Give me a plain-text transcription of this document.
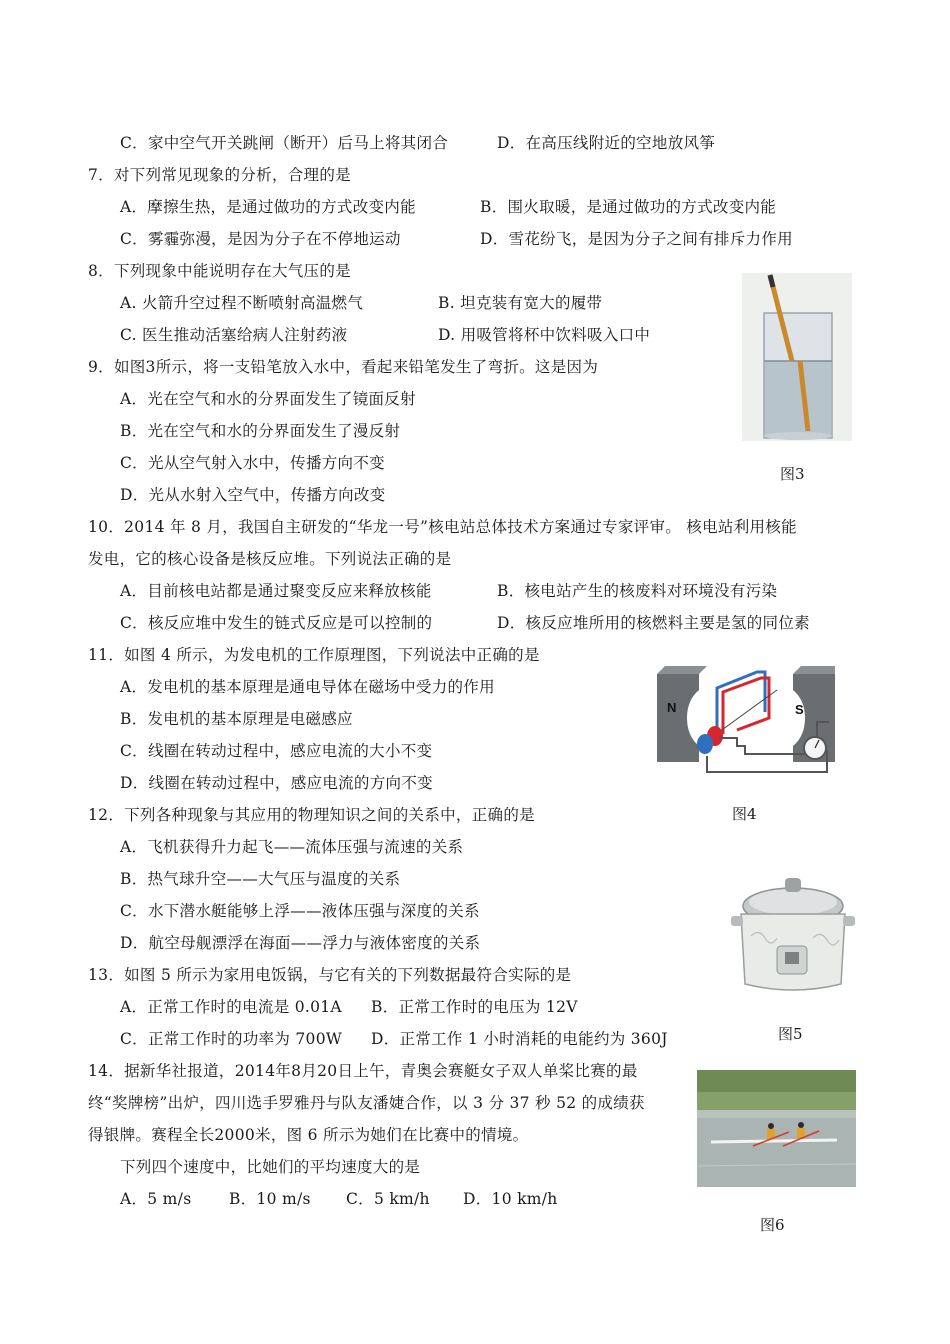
C．家中空气开关跳闸（断开）后马上将其闭合	D．在高压线附近的空地放风筝
7．对下列常见现象的分析，合理的是
A．摩擦生热，是通过做功的方式改变内能	B．围火取暖，是通过做功的方式改变内能
C．雾霾弥漫，是因为分子在不停地运动	D．雪花纷飞，是因为分子之间有排斥力作用
8．下列现象中能说明存在大气压的是
A. 火箭升空过程不断喷射高温燃气	B. 坦克装有宽大的履带
C. 医生推动活塞给病人注射药液	D. 用吸管将杯中饮料吸入口中
图3
9．如图3所示，将一支铅笔放入水中，看起来铅笔发生了弯折。这是因为
A．光在空气和水的分界面发生了镜面反射
B．光在空气和水的分界面发生了漫反射
C．光从空气射入水中，传播方向不变
D．光从水射入空气中，传播方向改变
10．2014 年 8 月，我国自主研发的“华龙一号”核电站总体技术方案通过专家评审。 核电站利用核能
发电，它的核心设备是核反应堆。下列说法正确的是
A．目前核电站都是通过聚变反应来释放核能	B．核电站产生的核废料对环境没有污染
C．核反应堆中发生的链式反应是可以控制的	D．核反应堆所用的核燃料主要是氢的同位素
11．如图 4 所示，为发电机的工作原理图，下列说法中正确的是
A．发电机的基本原理是通电导体在磁场中受力的作用
B．发电机的基本原理是电磁感应
C．线圈在转动过程中，感应电流的大小不变
D．线圈在转动过程中，感应电流的方向不变
N	S
图4
12．下列各种现象与其应用的物理知识之间的关系中，正确的是
A．飞机获得升力起飞——流体压强与流速的关系
B．热气球升空——大气压与温度的关系
C．水下潜水艇能够上浮——液体压强与深度的关系
D．航空母舰漂浮在海面——浮力与液体密度的关系
图5
13．如图 5 所示为家用电饭锅，与它有关的下列数据最符合实际的是
A．正常工作时的电流是 0.01A B．正常工作时的电压为 12V
C．正常工作时的功率为 700W D．正常工作 1 小时消耗的电能约为 360J
14．据新华社报道，2014年8月20日上午，青奥会赛艇女子双人单桨比赛的最
终“奖牌榜”出炉，四川选手罗雅丹与队友潘婕合作，以 3 分 37 秒 52 的成绩获
得银牌。赛程全长2000米，图 6 所示为她们在比赛中的情境。
下列四个速度中，比她们的平均速度大的是
A．5 m/s B．10 m/s C．5 km/h D．10 km/h
图6
